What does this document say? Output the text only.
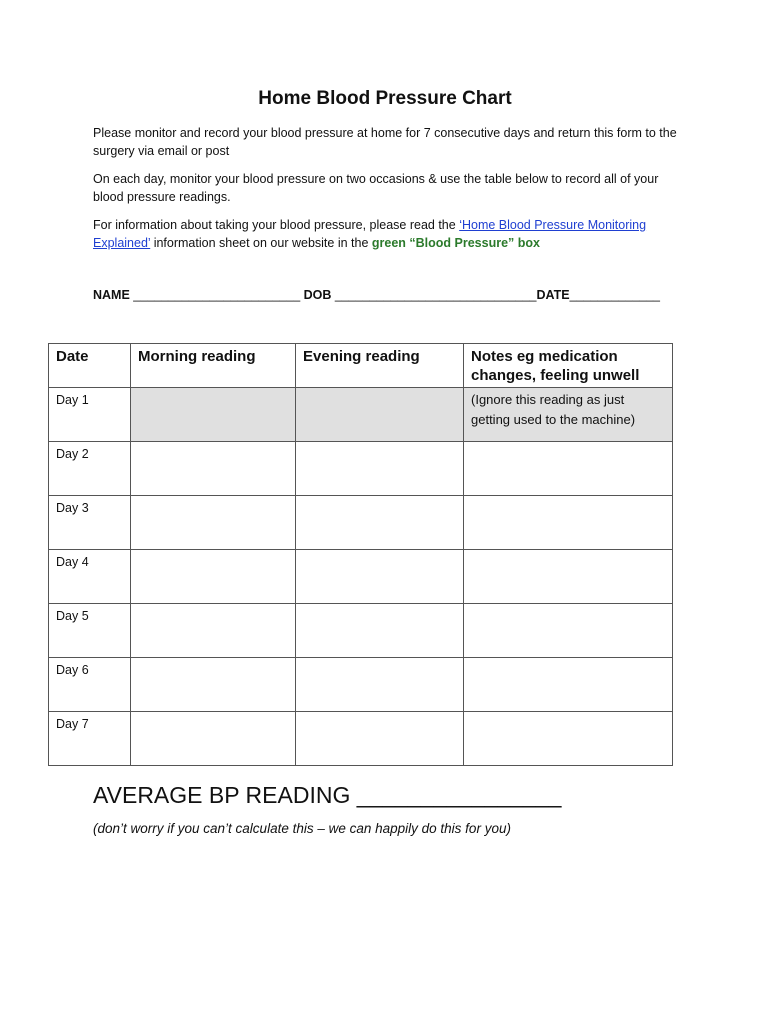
Home Blood Pressure Chart

Please monitor and record your blood pressure at home for 7 consecutive days and return this form to the surgery via email or post

On each day, monitor your blood pressure on two occasions & use the table below to record all of your blood pressure readings.

For information about taking your blood pressure, please read the ‘Home Blood Pressure Monitoring Explained’ information sheet on our website in the green “Blood Pressure” box

NAME ________________________ DOB _____________________________DATE_____________
Date	Morning reading	Evening reading	Notes eg medication changes, feeling unwell
Day 1			(Ignore this reading as just getting used to the machine)
Day 2			
Day 3			
Day 4			
Day 5			
Day 6			
Day 7			
AVERAGE BP READING ________________

(don’t worry if you can’t calculate this – we can happily do this for you)
